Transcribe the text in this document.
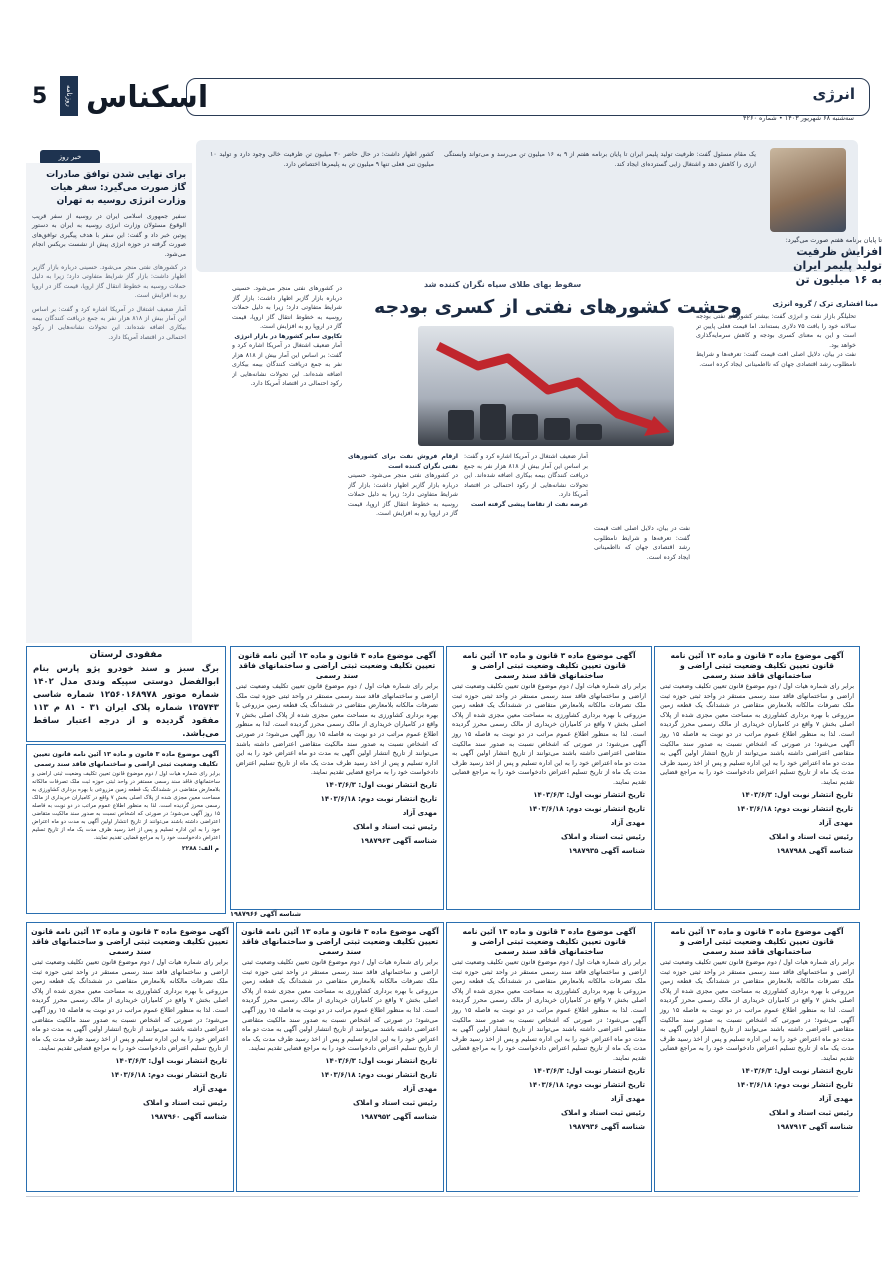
انرژی
سه‌شنبه ۶۸ شهریور ۱۴۰۳ • شماره ۴۲۶۰
روزنامه اقتصادی	اسکناس
5
تا پایان برنامه هفتم صورت می‌گیرد:
افزایش ظرفیت تولید پلیمر ایران به ۱۶ میلیون تن
یک مقام مسئول گفت: ظرفیت تولید پلیمر ایران تا پایان برنامه هفتم از ۹ به ۱۶ میلیون تن می‌رسد و می‌تواند وابستگی ارزی را کاهش دهد و اشتغال زایی گسترده‌ای ایجاد کند.
کشور اظهار داشت: در حال حاضر ۳۰ میلیون تن ظرفیت خالی وجود دارد و تولید ۱۰ میلیون تنی فعلی تنها ۹ میلیون تن به پلیمرها اختصاص دارد.
خبر روز
برای نهایی شدن توافق صادرات گاز صورت می‌گیرد: سفر هیات وزارت انرژی روسیه به تهران
سفیر جمهوری اسلامی ایران در روسیه از سفر قریب الوقوع مسئولان وزارت انرژی روسیه به ایران به دستور پوتین خبر داد و گفت: این سفر با هدف پیگیری توافق‌های صورت گرفته در حوزه انرژی پیش از نشست بریکس انجام می‌شود.
در کشورهای نفتی منجر می‌شود. حسینی درباره بازار گازبر اظهار داشت: بازار گاز شرایط متفاوتی دارد؛ زیرا به دلیل حملات روسیه به خطوط انتقال گاز اروپا، قیمت گاز در اروپا رو به افزایش است.
آمار ضعیف اشتغال در آمریکا اشاره کرد و گفت: بر اساس این آمار بیش از ۸۱۸ هزار نفر به جمع دریافت کنندگان بیمه بیکاری اضافه شده‌اند. این تحولات نشانه‌هایی از رکود احتمالی در اقتصاد آمریکا دارد.
سقوط بهای طلای سیاه نگران کننده شد
وحشت کشورهای نفتی از کسری بودجه	مینا افشاری ترک / گروه انرژی
تحلیلگر بازار نفت و انرژی گفت: بیشتر کشورهای نفتی بودجه سالانه خود را بافت ۷۵ دلاری بسته‌اند. اما قیمت فعلی پایین تر است و این به معنای کسری بودجه و کاهش سرمایه‌گذاری خواهد بود.
نفت در بیان، دلایل اصلی افت قیمت گفت: تعرفه‌ها و شرایط نامطلوب رشد اقتصادی جهان که نااطمینانی ایجاد کرده است.
نفت در بیان، دلایل اصلی افت قیمت گفت: تعرفه‌ها و شرایط نامطلوب رشد اقتصادی جهان که نااطمینانی ایجاد کرده است.
آمار ضعیف اشتغال در آمریکا اشاره کرد و گفت: بر اساس این آمار بیش از ۸۱۸ هزار نفر به جمع دریافت کنندگان بیمه بیکاری اضافه شده‌اند. این تحولات نشانه‌هایی از رکود احتمالی در اقتصاد آمریکا دارد.
عرضه نفت از تقاضا پیشی گرفته است
ارقام فروش نفت برای کشورهای نفتی نگران کننده است
در کشورهای نفتی منجر می‌شود. حسینی درباره بازار گازبر اظهار داشت: بازار گاز شرایط متفاوتی دارد؛ زیرا به دلیل حملات روسیه به خطوط انتقال گاز اروپا، قیمت گاز در اروپا رو به افزایش است.
در کشورهای نفتی منجر می‌شود. حسینی درباره بازار گازبر اظهار داشت: بازار گاز شرایط متفاوتی دارد؛ زیرا به دلیل حملات روسیه به خطوط انتقال گاز اروپا، قیمت گاز در اروپا رو به افزایش است.
تکاپوی سایر کشورها در بازار انرژی
آمار ضعیف اشتغال در آمریکا اشاره کرد و گفت: بر اساس این آمار بیش از ۸۱۸ هزار نفر به جمع دریافت کنندگان بیمه بیکاری اضافه شده‌اند. این تحولات نشانه‌هایی از رکود احتمالی در اقتصاد آمریکا دارد.
مفقودی لرستان
برگ سبز و سند خودرو پژو پارس بنام ابوالفضل دوستی سپیکه وندی مدل ۱۴۰۲ شماره موتور ۱۲۵۶۰۱۶۸۹۷۸ شماره شاسی ۱۳۵۷۴۳ شماره پلاک ایران ۳۱ - ۸۱ م ۱۱۳ مفقود گردیده و از درجه اعتبار ساقط می‌باشد.
آگهی موضوع ماده ۳ قانون و ماده ۱۳ آئین نامه قانون تعیین تکلیف وضعیت ثبتی اراضی و ساختمانهای فاقد سند رسمی
برابر رای شماره هیات اول / دوم موضوع قانون تعیین تکلیف وضعیت ثبتی اراضی و ساختمانهای فاقد سند رسمی مستقر در واحد ثبتی حوزه ثبت ملک تصرفات مالکانه بلامعارض متقاضی در ششدانگ یک قطعه زمین مزروعی با بهره برداری کشاورزی به مساحت معین مجزی شده از پلاک اصلی بخش ۷ واقع در کامیاران خریداری از مالک رسمی محرز گردیده است. لذا به منظور اطلاع عموم مراتب در دو نوبت به فاصله ۱۵ روز آگهی می‌شود؛ در صورتی که اشخاص نسبت به صدور سند مالکیت متقاضی اعتراضی داشته باشند می‌توانند از تاریخ انتشار اولین آگهی به مدت دو ماه اعتراض خود را به این اداره تسلیم و پس از اخذ رسید ظرف مدت یک ماه از تاریخ تسلیم اعتراض دادخواست خود را به مراجع قضایی تقدیم نمایند.
م الف: ۲۲۸۸
آگهی موضوع ماده ۳ قانون و ماده ۱۳ آئین نامه قانون تعیین تکلیف وضعیت ثبتی اراضی و ساختمانهای فاقد سند رسمی
برابر رای شماره هیات اول / دوم موضوع قانون تعیین تکلیف وضعیت ثبتی اراضی و ساختمانهای فاقد سند رسمی مستقر در واحد ثبتی حوزه ثبت ملک تصرفات مالکانه بلامعارض متقاضی در ششدانگ یک قطعه زمین مزروعی با بهره برداری کشاورزی به مساحت معین مجزی شده از پلاک اصلی بخش ۷ واقع در کامیاران خریداری از مالک رسمی محرز گردیده است. لذا به منظور اطلاع عموم مراتب در دو نوبت به فاصله ۱۵ روز آگهی می‌شود؛ در صورتی که اشخاص نسبت به صدور سند مالکیت متقاضی اعتراضی داشته باشند می‌توانند از تاریخ انتشار اولین آگهی به مدت دو ماه اعتراض خود را به این اداره تسلیم و پس از اخذ رسید ظرف مدت یک ماه از تاریخ تسلیم اعتراض دادخواست خود را به مراجع قضایی تقدیم نمایند.
تاریخ انتشار نوبت اول: ۱۴۰۳/۶/۳
تاریخ انتشار نوبت دوم: ۱۴۰۳/۶/۱۸
مهدی آزاد
رئیس ثبت اسناد و املاک
شناسه آگهی ۱۹۸۷۹۸۸
آگهی موضوع ماده ۳ قانون و ماده ۱۳ آئین نامه قانون تعیین تکلیف وضعیت ثبتی اراضی و ساختمانهای فاقد سند رسمی
برابر رای شماره هیات اول / دوم موضوع قانون تعیین تکلیف وضعیت ثبتی اراضی و ساختمانهای فاقد سند رسمی مستقر در واحد ثبتی حوزه ثبت ملک تصرفات مالکانه بلامعارض متقاضی در ششدانگ یک قطعه زمین مزروعی با بهره برداری کشاورزی به مساحت معین مجزی شده از پلاک اصلی بخش ۷ واقع در کامیاران خریداری از مالک رسمی محرز گردیده است. لذا به منظور اطلاع عموم مراتب در دو نوبت به فاصله ۱۵ روز آگهی می‌شود؛ در صورتی که اشخاص نسبت به صدور سند مالکیت متقاضی اعتراضی داشته باشند می‌توانند از تاریخ انتشار اولین آگهی به مدت دو ماه اعتراض خود را به این اداره تسلیم و پس از اخذ رسید ظرف مدت یک ماه از تاریخ تسلیم اعتراض دادخواست خود را به مراجع قضایی تقدیم نمایند.
تاریخ انتشار نوبت اول: ۱۴۰۳/۶/۳
تاریخ انتشار نوبت دوم: ۱۴۰۳/۶/۱۸
مهدی آزاد
رئیس ثبت اسناد و املاک
شناسه آگهی ۱۹۸۷۹۳۵
آگهی موضوع ماده ۳ قانون و ماده ۱۳ آئین نامه قانون تعیین تکلیف وضعیت ثبتی اراضی و ساختمانهای فاقد سند رسمی
برابر رای شماره هیات اول / دوم موضوع قانون تعیین تکلیف وضعیت ثبتی اراضی و ساختمانهای فاقد سند رسمی مستقر در واحد ثبتی حوزه ثبت ملک تصرفات مالکانه بلامعارض متقاضی در ششدانگ یک قطعه زمین مزروعی با بهره برداری کشاورزی به مساحت معین مجزی شده از پلاک اصلی بخش ۷ واقع در کامیاران خریداری از مالک رسمی محرز گردیده است. لذا به منظور اطلاع عموم مراتب در دو نوبت به فاصله ۱۵ روز آگهی می‌شود؛ در صورتی که اشخاص نسبت به صدور سند مالکیت متقاضی اعتراضی داشته باشند می‌توانند از تاریخ انتشار اولین آگهی به مدت دو ماه اعتراض خود را به این اداره تسلیم و پس از اخذ رسید ظرف مدت یک ماه از تاریخ تسلیم اعتراض دادخواست خود را به مراجع قضایی تقدیم نمایند.
تاریخ انتشار نوبت اول: ۱۴۰۳/۶/۳
تاریخ انتشار نوبت دوم: ۱۴۰۳/۶/۱۸
مهدی آزاد
رئیس ثبت اسناد و املاک
شناسه آگهی ۱۹۸۷۹۶۳
آگهی موضوع ماده ۳ قانون و ماده ۱۳ آئین نامه قانون تعیین تکلیف وضعیت ثبتی اراضی و ساختمانهای فاقد سند رسمی
برابر رای شماره هیات اول / دوم موضوع قانون تعیین تکلیف وضعیت ثبتی اراضی و ساختمانهای فاقد سند رسمی مستقر در واحد ثبتی حوزه ثبت ملک تصرفات مالکانه بلامعارض متقاضی در ششدانگ یک قطعه زمین مزروعی با بهره برداری کشاورزی به مساحت معین مجزی شده از پلاک اصلی بخش ۷ واقع در کامیاران خریداری از مالک رسمی محرز گردیده است. لذا به منظور اطلاع عموم مراتب در دو نوبت به فاصله ۱۵ روز آگهی می‌شود؛ در صورتی که اشخاص نسبت به صدور سند مالکیت متقاضی اعتراضی داشته باشند می‌توانند از تاریخ انتشار اولین آگهی به مدت دو ماه اعتراض خود را به این اداره تسلیم و پس از اخذ رسید ظرف مدت یک ماه از تاریخ تسلیم اعتراض دادخواست خود را به مراجع قضایی تقدیم نمایند.
تاریخ انتشار نوبت اول: ۱۴۰۳/۶/۳
تاریخ انتشار نوبت دوم: ۱۴۰۳/۶/۱۸
مهدی آزاد
رئیس ثبت اسناد و املاک
شناسه آگهی ۱۹۸۷۹۱۳
آگهی موضوع ماده ۳ قانون و ماده ۱۳ آئین نامه قانون تعیین تکلیف وضعیت ثبتی اراضی و ساختمانهای فاقد سند رسمی
برابر رای شماره هیات اول / دوم موضوع قانون تعیین تکلیف وضعیت ثبتی اراضی و ساختمانهای فاقد سند رسمی مستقر در واحد ثبتی حوزه ثبت ملک تصرفات مالکانه بلامعارض متقاضی در ششدانگ یک قطعه زمین مزروعی با بهره برداری کشاورزی به مساحت معین مجزی شده از پلاک اصلی بخش ۷ واقع در کامیاران خریداری از مالک رسمی محرز گردیده است. لذا به منظور اطلاع عموم مراتب در دو نوبت به فاصله ۱۵ روز آگهی می‌شود؛ در صورتی که اشخاص نسبت به صدور سند مالکیت متقاضی اعتراضی داشته باشند می‌توانند از تاریخ انتشار اولین آگهی به مدت دو ماه اعتراض خود را به این اداره تسلیم و پس از اخذ رسید ظرف مدت یک ماه از تاریخ تسلیم اعتراض دادخواست خود را به مراجع قضایی تقدیم نمایند.
تاریخ انتشار نوبت اول: ۱۴۰۳/۶/۳
تاریخ انتشار نوبت دوم: ۱۴۰۳/۶/۱۸
مهدی آزاد
رئیس ثبت اسناد و املاک
شناسه آگهی ۱۹۸۷۹۳۶
آگهی موضوع ماده ۳ قانون و ماده ۱۳ آئین نامه قانون تعیین تکلیف وضعیت ثبتی اراضی و ساختمانهای فاقد سند رسمی
برابر رای شماره هیات اول / دوم موضوع قانون تعیین تکلیف وضعیت ثبتی اراضی و ساختمانهای فاقد سند رسمی مستقر در واحد ثبتی حوزه ثبت ملک تصرفات مالکانه بلامعارض متقاضی در ششدانگ یک قطعه زمین مزروعی با بهره برداری کشاورزی به مساحت معین مجزی شده از پلاک اصلی بخش ۷ واقع در کامیاران خریداری از مالک رسمی محرز گردیده است. لذا به منظور اطلاع عموم مراتب در دو نوبت به فاصله ۱۵ روز آگهی می‌شود؛ در صورتی که اشخاص نسبت به صدور سند مالکیت متقاضی اعتراضی داشته باشند می‌توانند از تاریخ انتشار اولین آگهی به مدت دو ماه اعتراض خود را به این اداره تسلیم و پس از اخذ رسید ظرف مدت یک ماه از تاریخ تسلیم اعتراض دادخواست خود را به مراجع قضایی تقدیم نمایند.
تاریخ انتشار نوبت اول: ۱۴۰۳/۶/۳
تاریخ انتشار نوبت دوم: ۱۴۰۳/۶/۱۸
مهدی آزاد
رئیس ثبت اسناد و املاک
شناسه آگهی ۱۹۸۷۹۵۲
آگهی موضوع ماده ۳ قانون و ماده ۱۳ آئین نامه قانون تعیین تکلیف وضعیت ثبتی اراضی و ساختمانهای فاقد سند رسمی
برابر رای شماره هیات اول / دوم موضوع قانون تعیین تکلیف وضعیت ثبتی اراضی و ساختمانهای فاقد سند رسمی مستقر در واحد ثبتی حوزه ثبت ملک تصرفات مالکانه بلامعارض متقاضی در ششدانگ یک قطعه زمین مزروعی با بهره برداری کشاورزی به مساحت معین مجزی شده از پلاک اصلی بخش ۷ واقع در کامیاران خریداری از مالک رسمی محرز گردیده است. لذا به منظور اطلاع عموم مراتب در دو نوبت به فاصله ۱۵ روز آگهی می‌شود؛ در صورتی که اشخاص نسبت به صدور سند مالکیت متقاضی اعتراضی داشته باشند می‌توانند از تاریخ انتشار اولین آگهی به مدت دو ماه اعتراض خود را به این اداره تسلیم و پس از اخذ رسید ظرف مدت یک ماه از تاریخ تسلیم اعتراض دادخواست خود را به مراجع قضایی تقدیم نمایند.
تاریخ انتشار نوبت اول: ۱۴۰۳/۶/۳
تاریخ انتشار نوبت دوم: ۱۴۰۳/۶/۱۸
مهدی آزاد
رئیس ثبت اسناد و املاک
شناسه آگهی ۱۹۸۷۹۶۰
شناسه آگهی ۱۹۸۷۹۶۶
